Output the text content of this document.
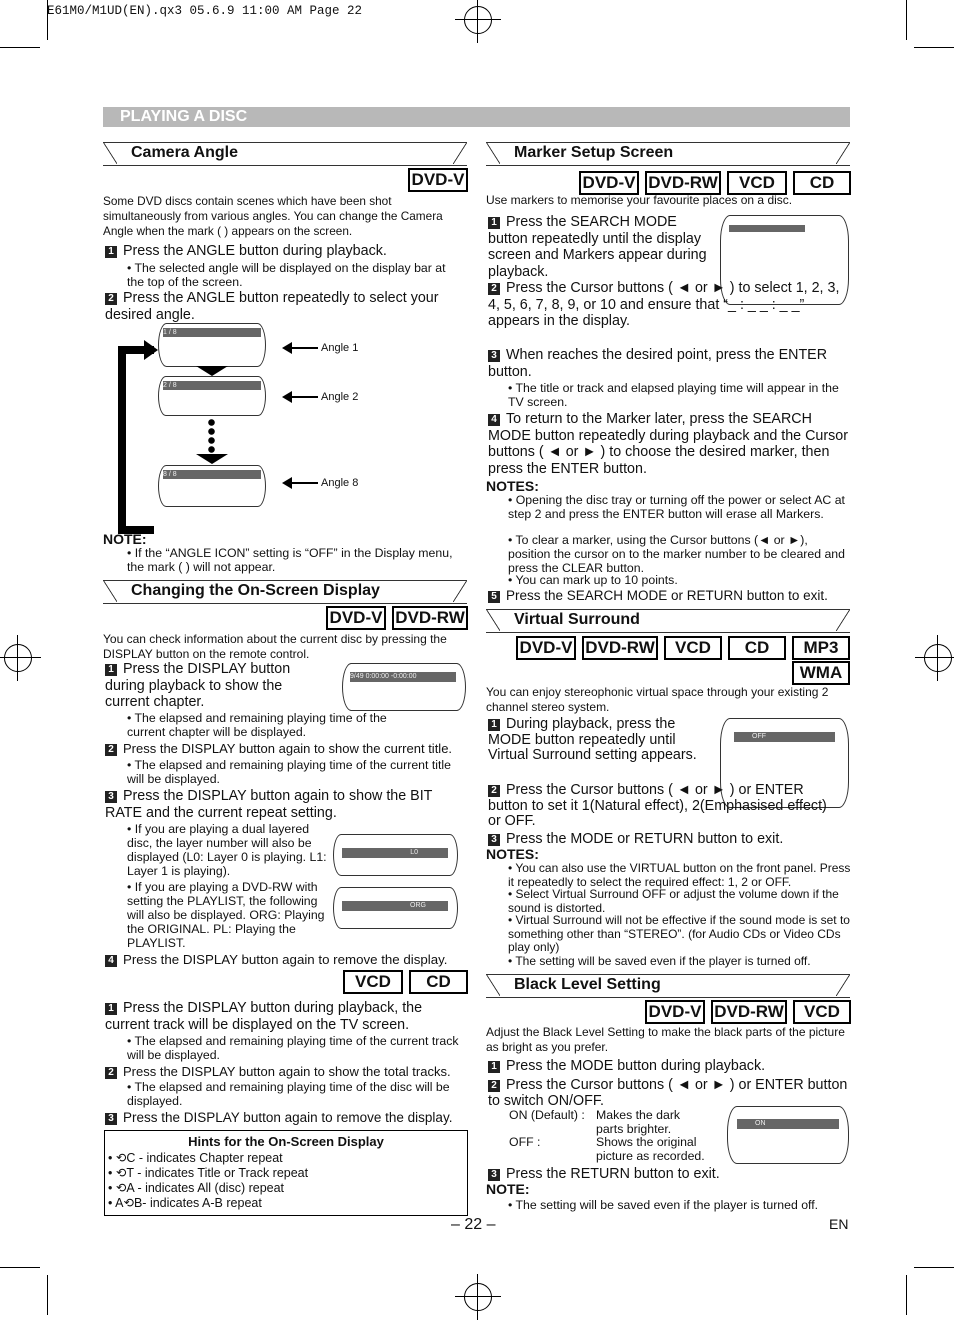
E61M0/M1UD(EN).qx3 05.6.9 11:00 AM Page 22
PLAYING A DISC
Camera Angle
DVD-V
Some DVD discs contain scenes which have been shot simultaneously from various angles. You can change the Camera Angle when the mark ( ) appears on the screen.
1 Press the ANGLE button during playback.
• The selected angle will be displayed on the display bar at the top of the screen.
2 Press the ANGLE button repeatedly to select your desired angle.
1 / 8
2 / 8
8 / 8
Angle 1
Angle 2
Angle 8
NOTE:
• If the “ANGLE ICON” setting is “OFF” in the Display menu, the mark ( ) will not appear.
Changing the On-Screen Display
DVD-V DVD-RW
You can check information about the current disc by pressing the DISPLAY button on the remote control.
1 Press the DISPLAY button during playback to show the current chapter.
9/49 0:00:00 -0:00:00
• The elapsed and remaining playing time of the current chapter will be displayed.
2 Press the DISPLAY button again to show the current title.
• The elapsed and remaining playing time of the current title will be displayed.
3 Press the DISPLAY button again to show the BIT RATE and the current repeat setting.
• If you are playing a dual layered disc, the layer number will also be displayed (L0: Layer 0 is playing. L1: Layer 1 is playing).
• If you are playing a DVD-RW with setting the PLAYLIST, the following will also be displayed. ORG: Playing the ORIGINAL. PL: Playing the PLAYLIST.
L0
ORG
4 Press the DISPLAY button again to remove the display.
VCD	CD
1 Press the DISPLAY button during playback, the current track will be displayed on the TV screen.
• The elapsed and remaining playing time of the current track will be displayed.
2 Press the DISPLAY button again to show the total tracks.
• The elapsed and remaining playing time of the disc will be displayed.
3 Press the DISPLAY button again to remove the display.
Hints for the On-Screen Display
• ⟲C - indicates Chapter repeat
• ⟲T - indicates Title or Track repeat
• ⟲A - indicates All (disc) repeat
• A⟲B- indicates A-B repeat
Marker Setup Screen
DVD-V DVD-RW	VCD	CD
Use markers to memorise your favourite places on a disc.
1 Press the SEARCH MODE button repeatedly until the display screen and Markers appear during playback.
2 Press the Cursor buttons ( ◄ or ► ) to select 1, 2, 3, 4, 5, 6, 7, 8, 9, or 10 and ensure that “_ : _ _ : _ _” appears in the display.
3 When reaches the desired point, press the ENTER button.
• The title or track and elapsed playing time will appear in the TV screen.
4 To return to the Marker later, press the SEARCH MODE button repeatedly during playback and the Cursor buttons ( ◄ or ► ) to choose the desired marker, then press the ENTER button.
NOTES:
• Opening the disc tray or turning off the power or select AC at step 2 and press the ENTER button will erase all Markers.
• To clear a marker, using the Cursor buttons (◄ or ►), position the cursor on to the marker number to be cleared and press the CLEAR button.
• You can mark up to 10 points.
5 Press the SEARCH MODE or RETURN button to exit.
Virtual Surround
DVD-V DVD-RW	VCD	CD	MP3
WMA
You can enjoy stereophonic virtual space through your existing 2 channel stereo system.
1 During playback, press the MODE button repeatedly until Virtual Surround setting appears.
OFF
2 Press the Cursor buttons ( ◄ or ► ) or ENTER button to set it 1(Natural effect), 2(Emphasised effect) or OFF.
3 Press the MODE or RETURN button to exit.
NOTES:
• You can also use the VIRTUAL button on the front panel. Press it repeatedly to select the required effect: 1, 2 or OFF.
• Select Virtual Surround OFF or adjust the volume down if the sound is distorted.
• Virtual Surround will not be effective if the sound mode is set to something other than “STEREO”. (for Audio CDs or Video CDs play only)
• The setting will be saved even if the player is turned off.
Black Level Setting
DVD-V DVD-RW	VCD
Adjust the Black Level Setting to make the black parts of the picture as bright as you prefer.
1 Press the MODE button during playback.
2 Press the Cursor buttons ( ◄ or ► ) or ENTER button to switch ON/OFF.
ON (Default) : Makes the dark parts brighter.
OFF :	Shows the original picture as recorded.
ON
3 Press the RETURN button to exit.
NOTE:
• The setting will be saved even if the player is turned off.
– 22 –	EN
